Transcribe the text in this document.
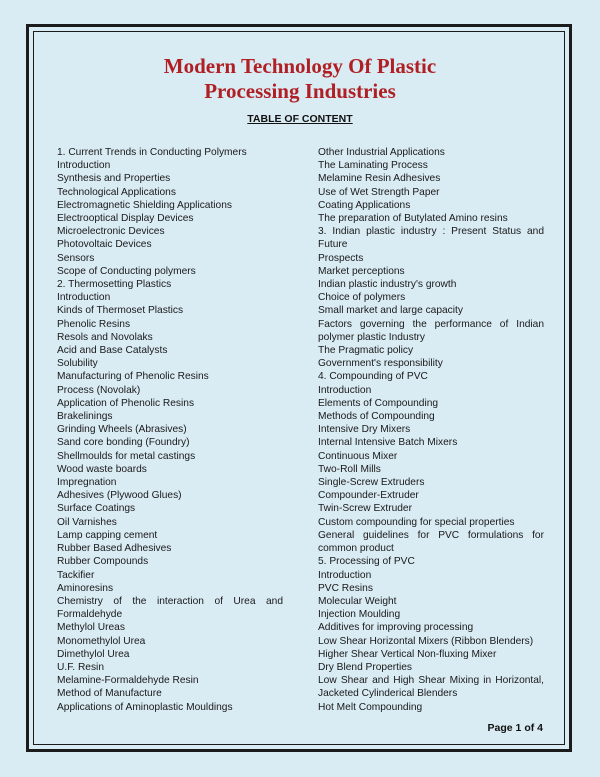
Modern Technology Of Plastic
Processing Industries
TABLE OF CONTENT
1. Current Trends in Conducting Polymers
Introduction
Synthesis and Properties
Technological Applications
Electromagnetic Shielding Applications
Electrooptical Display Devices
Microelectronic Devices
Photovoltaic Devices
Sensors
Scope of Conducting polymers
2. Thermosetting Plastics
Introduction
Kinds of Thermoset Plastics
Phenolic Resins
Resols and Novolaks
Acid and Base Catalysts
Solubility
Manufacturing of Phenolic Resins
Process (Novolak)
Application of Phenolic Resins
Brakelinings
Grinding Wheels (Abrasives)
Sand core bonding (Foundry)
Shellmoulds for metal castings
Wood waste boards
Impregnation
Adhesives (Plywood Glues)
Surface Coatings
Oil Varnishes
Lamp capping cement
Rubber Based Adhesives
Rubber Compounds
Tackifier
Aminoresins
Chemistry of the interaction of Urea and Formaldehyde
Methylol Ureas
Monomethylol Urea
Dimethylol Urea
U.F. Resin
Melamine-Formaldehyde Resin
Method of Manufacture
Applications of Aminoplastic Mouldings
Other Industrial Applications
The Laminating Process
Melamine Resin Adhesives
Use of Wet Strength Paper
Coating Applications
The preparation of Butylated Amino resins
3. Indian plastic industry : Present Status and Future
Prospects
Market perceptions
Indian plastic industry's growth
Choice of polymers
Small market and large capacity
Factors governing the performance of Indian polymer plastic Industry
The Pragmatic policy
Government's responsibility
4. Compounding of PVC
Introduction
Elements of Compounding
Methods of Compounding
Intensive Dry Mixers
Internal Intensive Batch Mixers
Continuous Mixer
Two-Roll Mills
Single-Screw Extruders
Compounder-Extruder
Twin-Screw Extruder
Custom compounding for special properties
General guidelines for PVC formulations for common product
5. Processing of PVC
Introduction
PVC Resins
Molecular Weight
Injection Moulding
Additives for improving processing
Low Shear Horizontal Mixers (Ribbon Blenders)
Higher Shear Vertical Non-fluxing Mixer
Dry Blend Properties
Low Shear and High Shear Mixing in Horizontal, Jacketed Cylinderical Blenders
Hot Melt Compounding
Page 1 of 4
